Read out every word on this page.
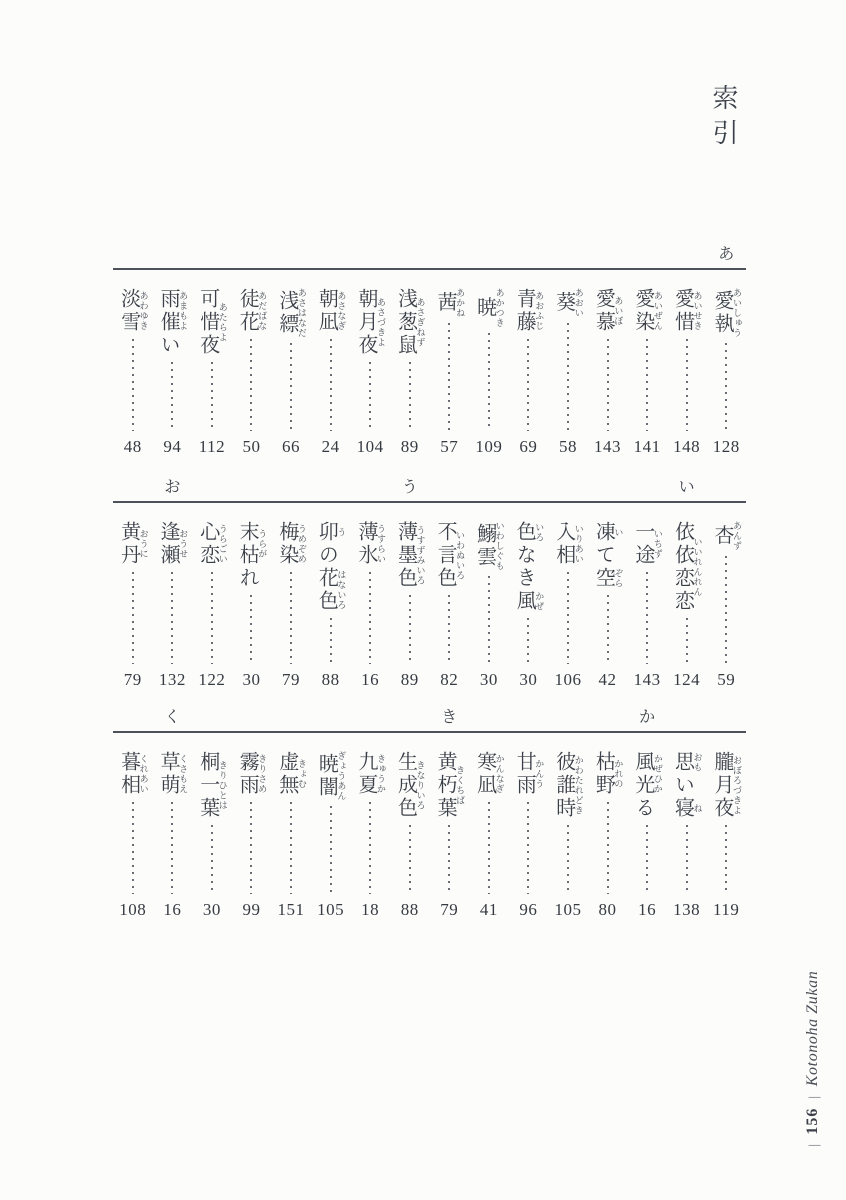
索引
あ
愛執 あいしゅう
128
愛惜 あいせき
148
愛染 あいぜん
141
愛慕 あいぼ
143
葵 あおい
58
青藤 あおふじ
69
暁 あかつき
109
茜 あかね
57
浅葱鼠 あさぎねず
89
朝月夜 あさづきよ
104
朝凪 あさなぎ
24
浅縹 あさはなだ
66
徒花 あだばな
50
可惜夜 あたらよ
112
雨催 あまもよい
94
淡雪 あわゆき
48
い
う
お
杏 あんず
59
依依恋恋 いいれんれん
124
一途 いちず
143
凍 いて空 ぞら
42
入相 いりあい
106
色 いろなき風 かぜ
30
鰯雲 いわしぐも
30
不言色 いわぬいろ
82
薄墨色 うすずみいろ
89
薄氷 うすらい
16
卯 うの花色 はないろ
88
梅染 うめぞめ
79
末枯 うらがれ
30
心恋 うらごい
122
逢瀬 おうせ
132
黄丹 おうに
79
か
き
く
朧月夜 おぼろづきよ
119
思 おもい寝 ね
138
風光 かぜひかる
16
枯野 かれの
80
彼誰時 かわたれどき
105
甘雨 かんう
96
寒凪 かんなぎ
41
黄朽葉 きくちば
79
生成色 きなりいろ
88
九夏 きゅうか
18
暁闇 ぎょうあん
105
虚無 きょむ
151
霧雨 きりさめ
99
桐一葉 きりひとは
30
草萌 くさもえ
16
暮相 くれあい
108
|
156
|
Kotonoha Zukan
